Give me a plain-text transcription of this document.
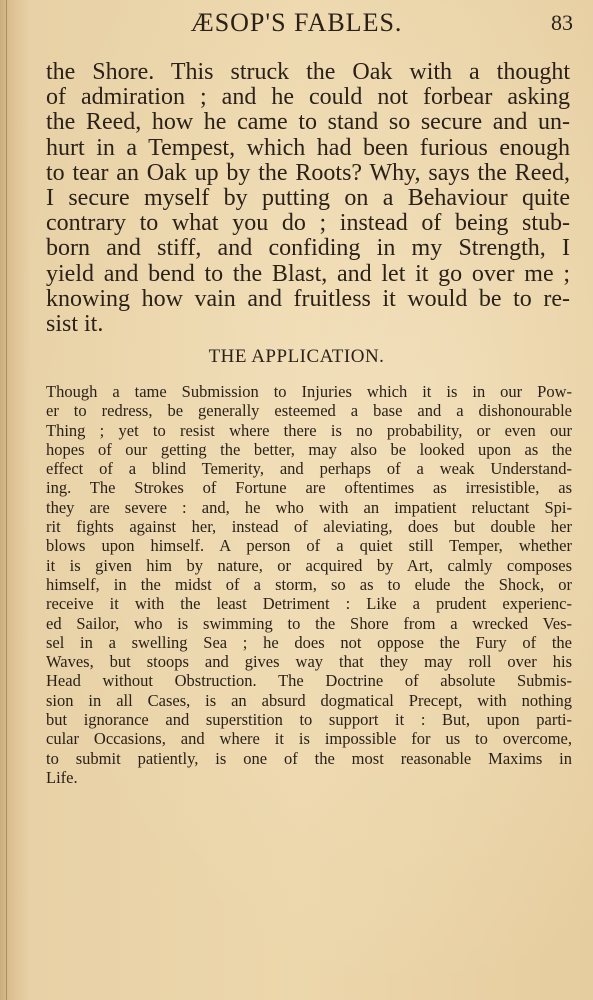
ÆSOP'S FABLES.	83
the Shore. This struck the Oak with a thought
of admiration ; and he could not forbear asking
the Reed, how he came to stand so secure and un-
hurt in a Tempest, which had been furious enough
to tear an Oak up by the Roots? Why, says the Reed,
I secure myself by putting on a Behaviour quite
contrary to what you do ; instead of being stub-
born and stiff, and confiding in my Strength, I
yield and bend to the Blast, and let it go over me ;
knowing how vain and fruitless it would be to re-
sist it.
THE APPLICATION.
Though a tame Submission to Injuries which it is in our Pow-
er to redress, be generally esteemed a base and a dishonourable
Thing ; yet to resist where there is no probability, or even our
hopes of our getting the better, may also be looked upon as the
effect of a blind Temerity, and perhaps of a weak Understand-
ing. The Strokes of Fortune are oftentimes as irresistible, as
they are severe : and, he who with an impatient reluctant Spi-
rit fights against her, instead of aleviating, does but double her
blows upon himself. A person of a quiet still Temper, whether
it is given him by nature, or acquired by Art, calmly composes
himself, in the midst of a storm, so as to elude the Shock, or
receive it with the least Detriment : Like a prudent experienc-
ed Sailor, who is swimming to the Shore from a wrecked Ves-
sel in a swelling Sea ; he does not oppose the Fury of the
Waves, but stoops and gives way that they may roll over his
Head without Obstruction. The Doctrine of absolute Submis-
sion in all Cases, is an absurd dogmatical Precept, with nothing
but ignorance and superstition to support it : But, upon parti-
cular Occasions, and where it is impossible for us to overcome,
to submit patiently, is one of the most reasonable Maxims in
Life.
